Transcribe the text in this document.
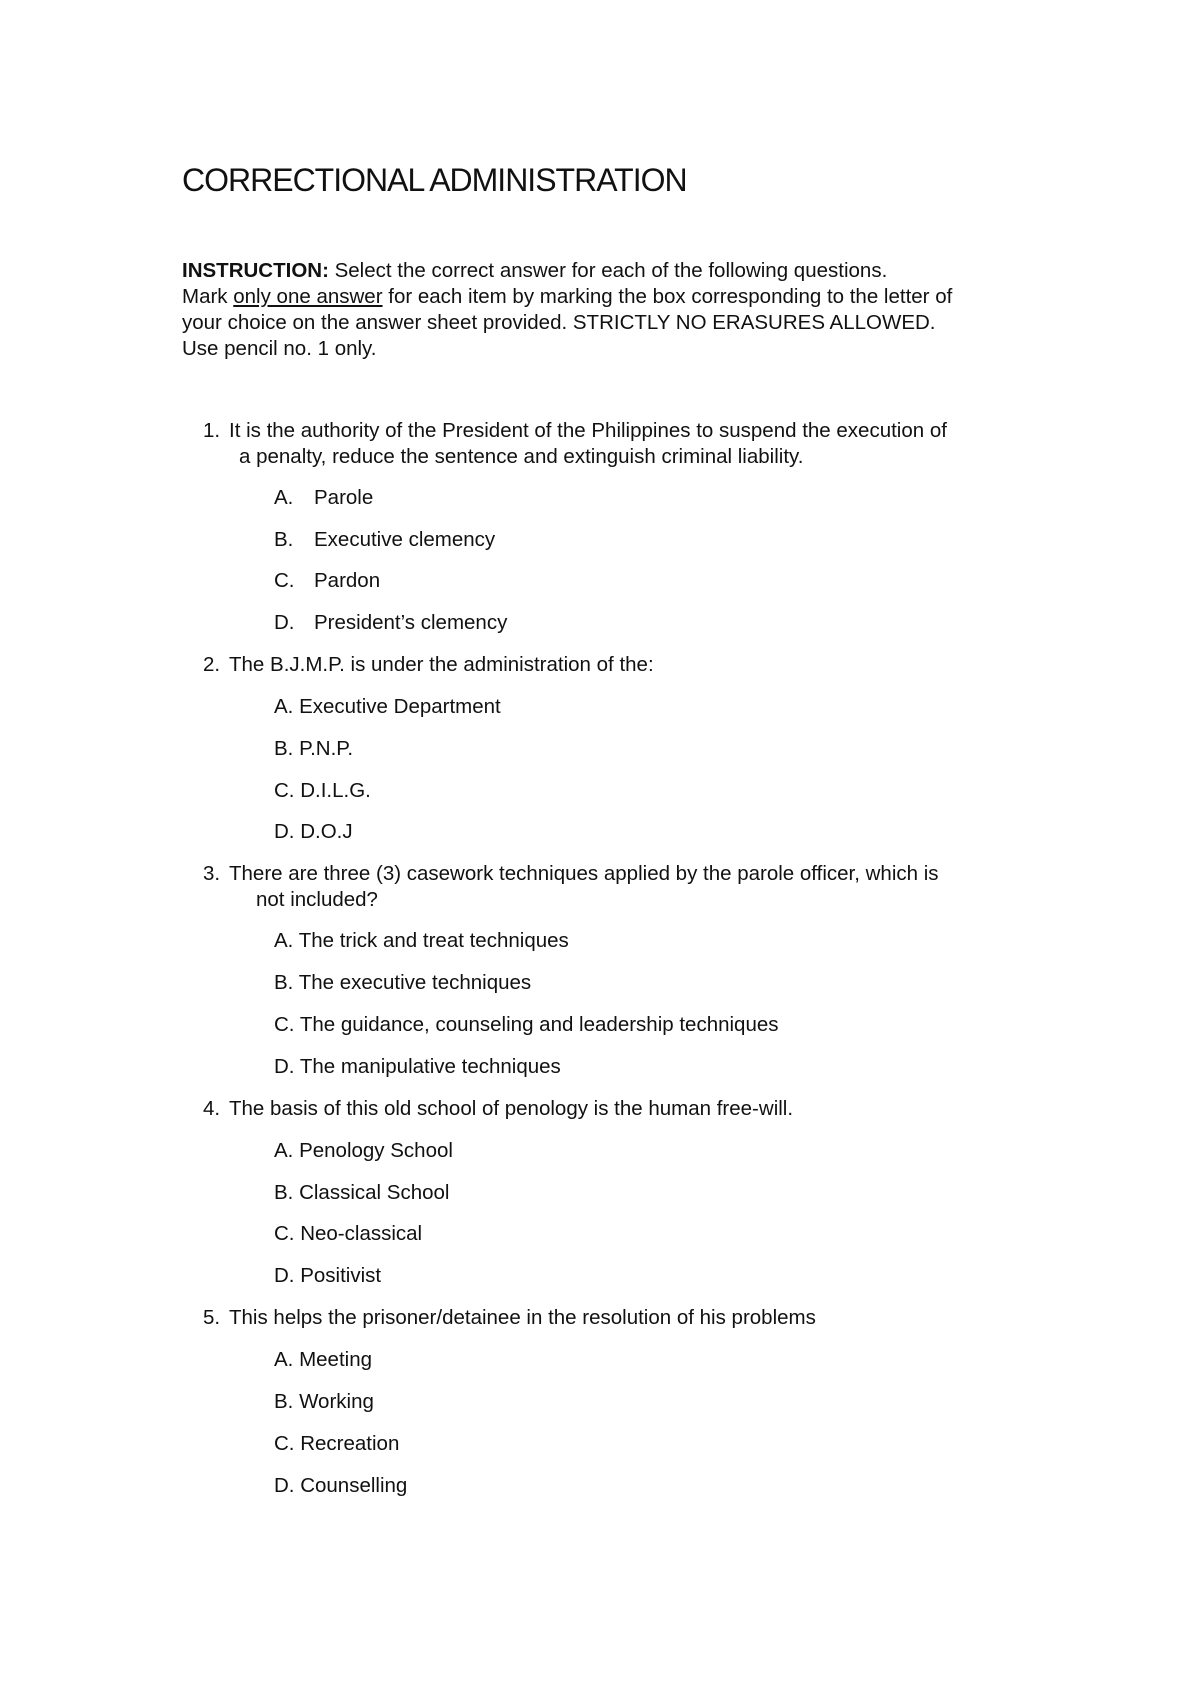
CORRECTIONAL ADMINISTRATION

INSTRUCTION: Select the correct answer for each of the following questions.

Mark only one answer for each item by marking the box corresponding to the letter of

your choice on the answer sheet provided. STRICTLY NO ERASURES ALLOWED.

Use pencil no. 1 only.

1. It is the authority of the President of the Philippines to suspend the execution of
a penalty, reduce the sentence and extinguish criminal liability.
A. Parole
B. Executive clemency
C. Pardon
D. President’s clemency
2. The B.J.M.P. is under the administration of the:
A. Executive Department
B. P.N.P.
C. D.I.L.G.
D. D.O.J
3. There are three (3) casework techniques applied by the parole officer, which is
not included?
A. The trick and treat techniques
B. The executive techniques
C. The guidance, counseling and leadership techniques
D. The manipulative techniques
4. The basis of this old school of penology is the human free-will.
A. Penology School
B. Classical School
C. Neo-classical
D. Positivist
5. This helps the prisoner/detainee in the resolution of his problems
A. Meeting
B. Working
C. Recreation
D. Counselling
